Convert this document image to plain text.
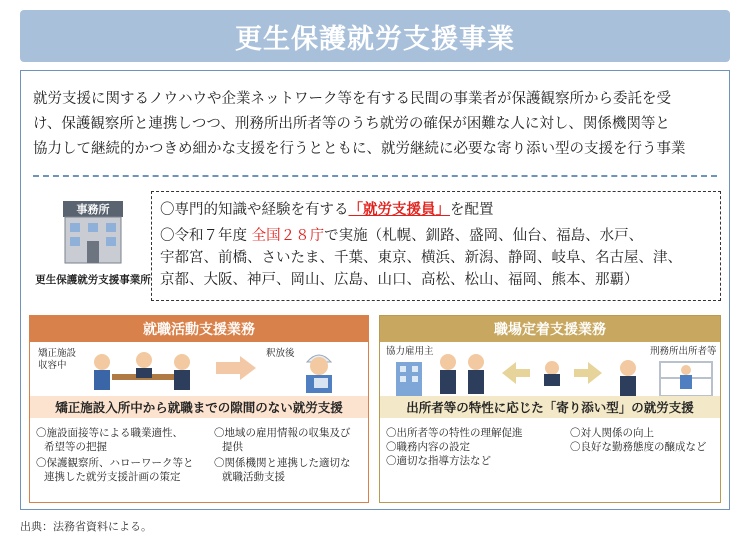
更生保護就労支援事業
就労支援に関するノウハウや企業ネットワーク等を有する民間の事業者が保護観察所から委託を受
け、保護観察所と連携しつつ、刑務所出所者等のうち就労の確保が困難な人に対し、関係機関等と
協力して継続的かつきめ細かな支援を行うとともに、就労継続に必要な寄り添い型の支援を行う事業
事務所
更生保護就労支援事業所
〇専門的知識や経験を有する「就労支援員」を配置
〇令和７年度 全国２８庁で実施（札幌、釧路、盛岡、仙台、福島、水戸、
宇都宮、前橋、さいたま、千葉、東京、横浜、新潟、静岡、岐阜、名古屋、津、
京都、大阪、神戸、岡山、広島、山口、高松、松山、福岡、熊本、那覇）
就職活動支援業務
矯正施設収容中
釈放後
矯正施設入所中から就職までの隙間のない就労支援
〇施設面接等による職業適性、
希望等の把握
〇保護観察所、ハローワーク等と
連携した就労支援計画の策定
〇地域の雇用情報の収集及び
提供
〇関係機関と連携した適切な
就職活動支援
職場定着支援業務
協力雇用主	刑務所出所者等
出所者等の特性に応じた「寄り添い型」の就労支援
〇出所者等の特性の理解促進
〇職務内容の設定
〇適切な指導方法など
〇対人関係の向上
〇良好な勤務態度の醸成など
出典：法務省資料による。
